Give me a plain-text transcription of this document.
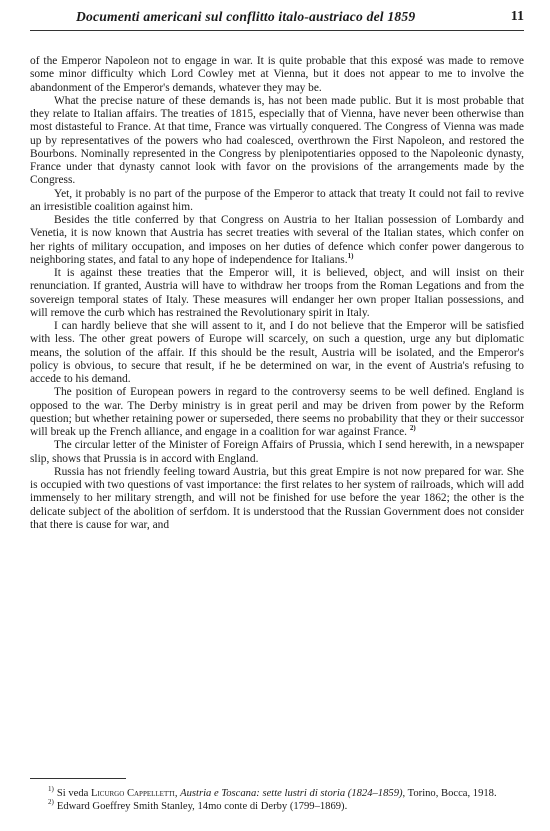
Documenti americani sul conflitto italo-austriaco del 1859	11

of the Emperor Napoleon not to engage in war. It is quite probable that this exposé was made to remove some minor difficulty which Lord Cowley met at Vienna, but it does not appear to me to involve the abandonment of the Emperor's demands, whatever they may be.

What the precise nature of these demands is, has not been made public. But it is most probable that they relate to Italian affairs. The treaties of 1815, especially that of Vienna, have never been otherwise than most distasteful to France. At that time, France was virtually conquered. The Congress of Vienna was made up by representatives of the powers who had coalesced, overthrown the First Napoleon, and restored the Bourbons. Nominally represented in the Congress by plenipotentiaries opposed to the Napoleonic dynasty, France under that dynasty cannot look with favor on the provisions of the arrangements made by the Congress.

Yet, it probably is no part of the purpose of the Emperor to attack that treaty It could not fail to revive an irresistible coalition against him.

Besides the title conferred by that Congress on Austria to her Italian possession of Lombardy and Venetia, it is now known that Austria has secret treaties with several of the Italian states, which confer on her rights of military occupation, and imposes on her duties of defence which confer power dangerous to neighboring states, and fatal to any hope of independence for Italians.$^{1)}$

It is against these treaties that the Emperor will, it is believed, object, and will insist on their renunciation. If granted, Austria will have to withdraw her troops from the Roman Legations and from the sovereign temporal states of Italy. These measures will endanger her own proper Italian possessions, and will remove the curb which has restrained the Revolutionary spirit in Italy.

I can hardly believe that she will assent to it, and I do not believe that the Emperor will be satisfied with less. The other great powers of Europe will scarcely, on such a question, urge any but diplomatic means, the solution of the affair. If this should be the result, Austria will be isolated, and the Emperor's policy is obvious, to secure that result, if he be determined on war, in the event of Austria's refusing to accede to his demand.

The position of European powers in regard to the controversy seems to be well defined. England is opposed to the war. The Derby ministry is in great peril and may be driven from power by the Reform question; but whether retaining power or superseded, there seems no probability that they or their successor will break up the French alliance, and engage in a coalition for war against France. $^{2)}$

The circular letter of the Minister of Foreign Affairs of Prussia, which I send herewith, in a newspaper slip, shows that Prussia is in accord with England.

Russia has not friendly feeling toward Austria, but this great Empire is not now prepared for war. She is occupied with two questions of vast importance: the first relates to her system of railroads, which will add immensely to her military strength, and will not be finished for use before the year 1862; the other is the delicate subject of the abolition of serfdom. It is understood that the Russian Government does not consider that there is cause for war, and

$^{1)}$ Si veda Licurgo Cappelletti, Austria e Toscana: sette lustri di storia (1824–1859), Torino, Bocca, 1918.

$^{2)}$ Edward Goeffrey Smith Stanley, 14mo conte di Derby (1799–1869).
